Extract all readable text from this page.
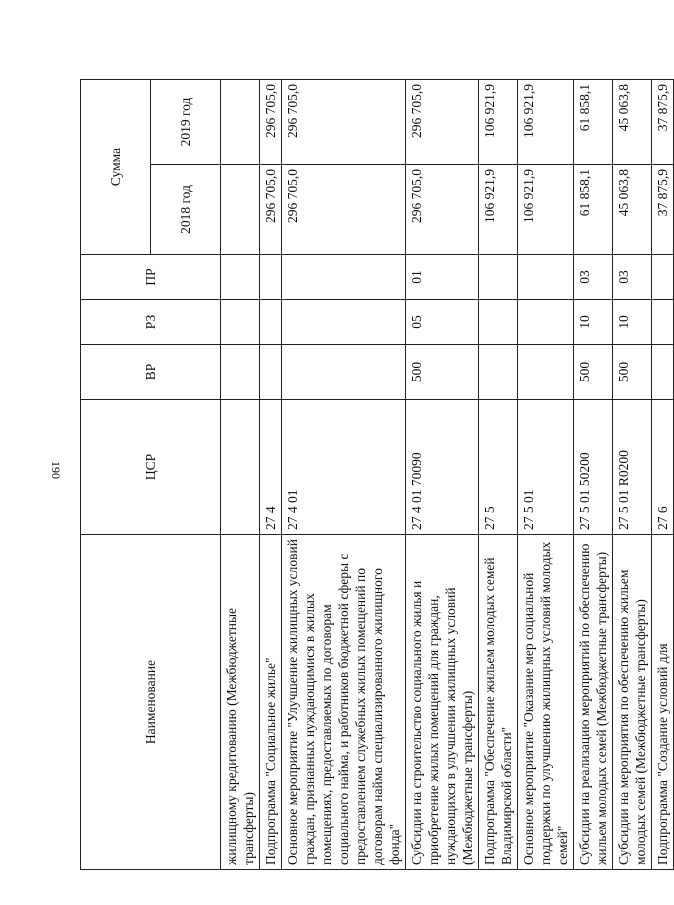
190
Наименование	ЦСР	ВР	РЗ	ПР	Сумма	
					2018 год	2019 год
жилищному кредитованию (Межбюджетные трансферты)						
Подпрограмма "Социальное жилье"	27 4				296 705,0	296 705,0
Основное мероприятие "Улучшение жилищных условий граждан, признанных нуждающимися в жилых помещениях, предоставляемых по договорам социального найма, и работников бюджетной сферы с предоставлением служебных жилых помещений по договорам найма специализированного жилищного фонда"	27 4 01				296 705,0	296 705,0
Субсидии на строительство социального жилья и приобретение жилых помещений для граждан, нуждающихся в улучшении жилищных условий (Межбюджетные трансферты)	27 4 01 70090	500	05	01	296 705,0	296 705,0
Подпрограмма "Обеспечение жильем молодых семей Владимирской области"	27 5				106 921,9	106 921,9
Основное мероприятие "Оказание мер социальной поддержки по улучшению жилищных условий молодых семей"	27 5 01				106 921,9	106 921,9
Субсидии на реализацию мероприятий по обеспечению жильем молодых семей (Межбюджетные трансферты)	27 5 01 50200	500	10	03	61 858,1	61 858,1
Субсидии на мероприятия по обеспечению жильем молодых семей (Межбюджетные трансферты)	27 5 01 R0200	500	10	03	45 063,8	45 063,8
Подпрограмма "Создание условий для	27 6				37 875,9	37 875,9
